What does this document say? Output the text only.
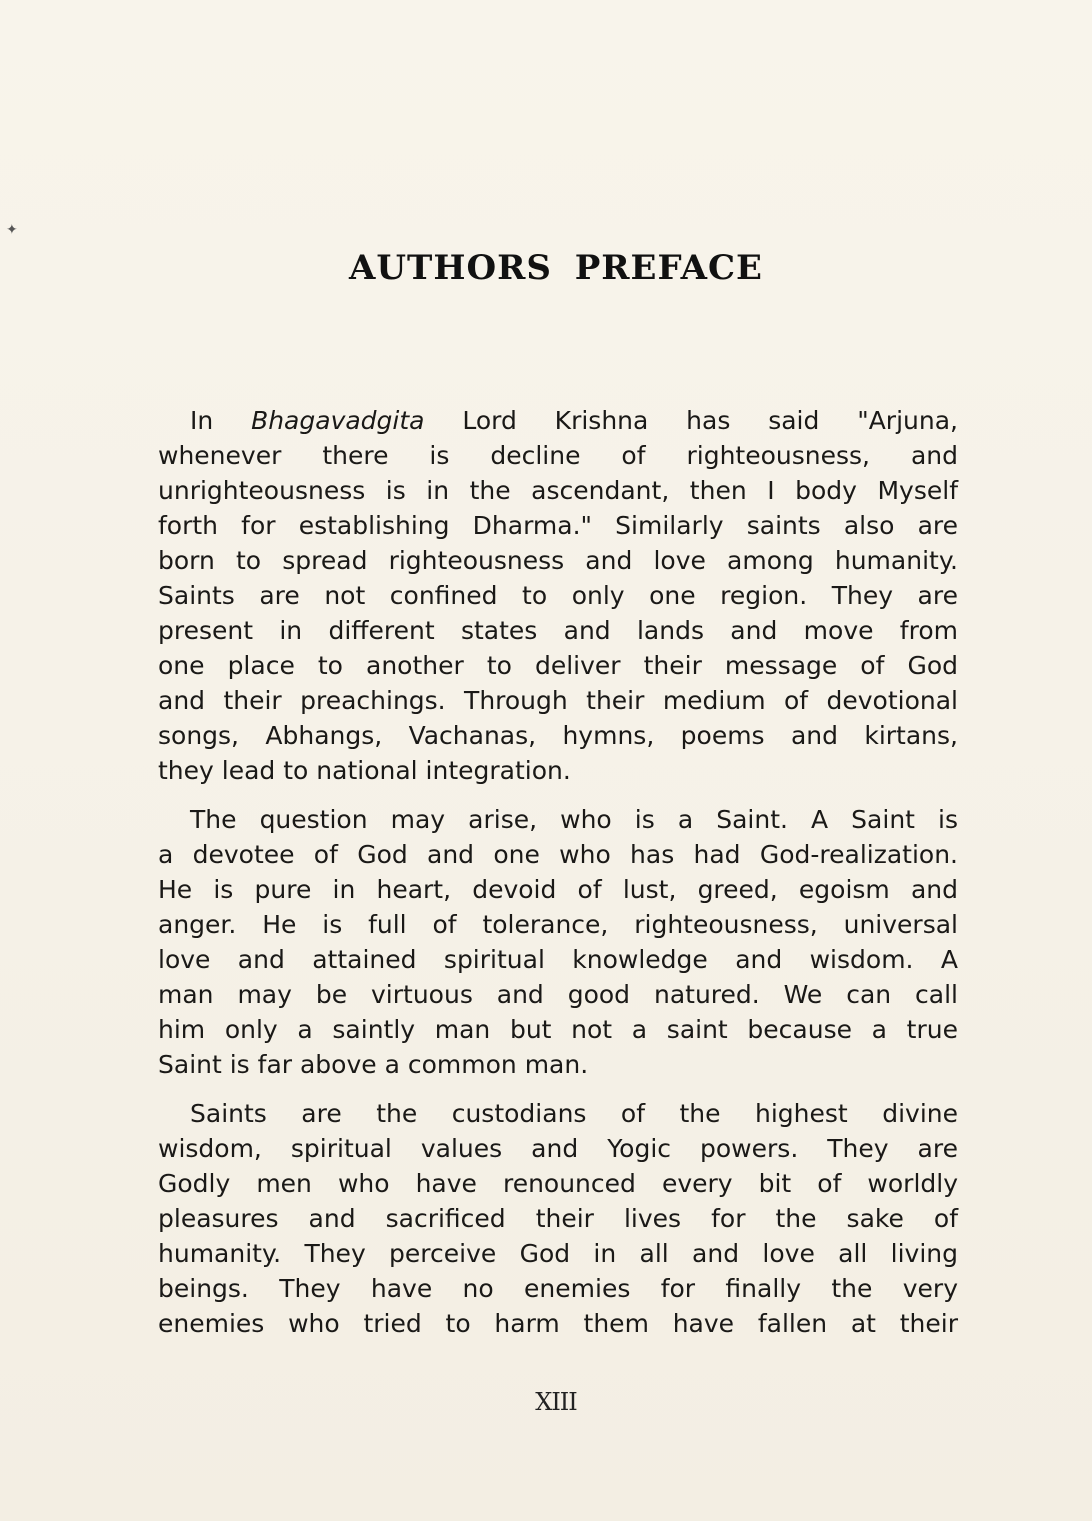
✦
AUTHORS PREFACE

In Bhagavadgita Lord Krishna has said "Arjuna,
whenever there is decline of righteousness, and
unrighteousness is in the ascendant, then I body Myself
forth for establishing Dharma." Similarly saints also are
born to spread righteousness and love among humanity.
Saints are not confined to only one region. They are
present in different states and lands and move from
one place to another to deliver their message of God
and their preachings. Through their medium of devotional
songs, Abhangs, Vachanas, hymns, poems and kirtans,
they lead to national integration.

The question may arise, who is a Saint. A Saint is
a devotee of God and one who has had God-realization.
He is pure in heart, devoid of lust, greed, egoism and
anger. He is full of tolerance, righteousness, universal
love and attained spiritual knowledge and wisdom. A
man may be virtuous and good natured. We can call
him only a saintly man but not a saint because a true
Saint is far above a common man.

Saints are the custodians of the highest divine
wisdom, spiritual values and Yogic powers. They are
Godly men who have renounced every bit of worldly
pleasures and sacrificed their lives for the sake of
humanity. They perceive God in all and love all living
beings. They have no enemies for finally the very
enemies who tried to harm them have fallen at their

XIII
